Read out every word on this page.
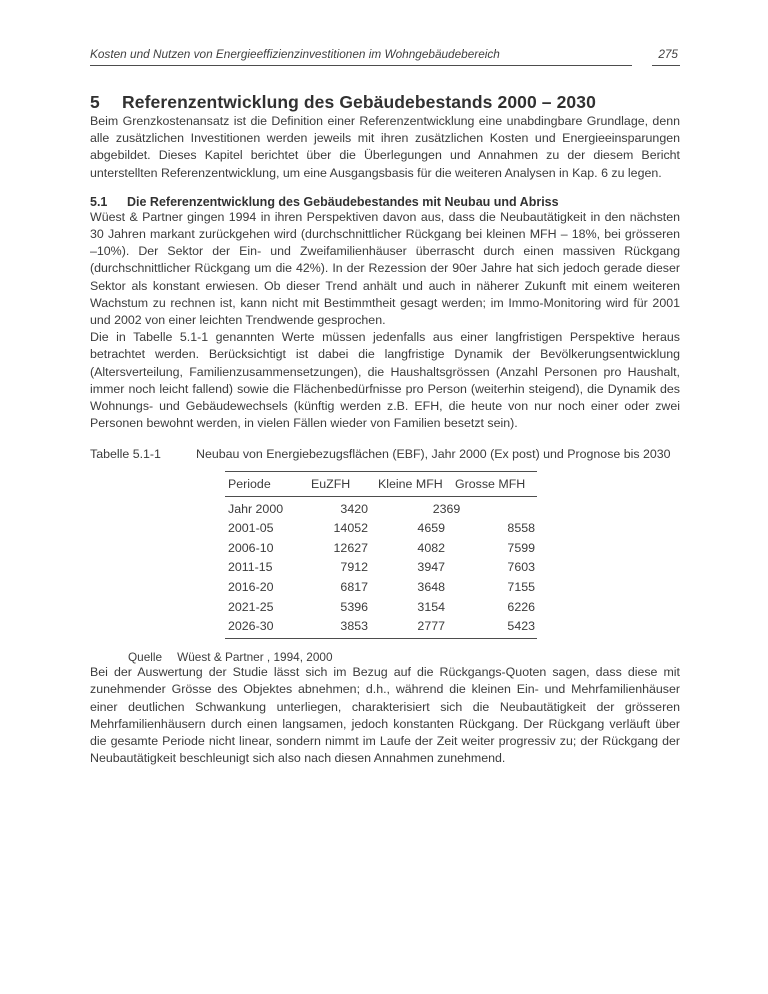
Kosten und Nutzen von Energieeffizienzinvestitionen im Wohngebäudebereich	275
5	Referenzentwicklung des Gebäudebestands 2000 – 2030

Beim Grenzkostenansatz ist die Definition einer Referenzentwicklung eine unabdingbare Grundlage, denn alle zusätzlichen Investitionen werden jeweils mit ihren zusätzlichen Kosten und Energieeinsparungen abgebildet. Dieses Kapitel berichtet über die Überlegungen und Annahmen zu der diesem Bericht unterstellten Referenzentwicklung, um eine Ausgangsbasis für die weiteren Analysen in Kap. 6 zu legen.

5.1	Die Referenzentwicklung des Gebäudebestandes mit Neubau und Abriss

Wüest & Partner gingen 1994 in ihren Perspektiven davon aus, dass die Neubautätigkeit in den nächsten 30 Jahren markant zurückgehen wird (durchschnittlicher Rückgang bei kleinen MFH – 18%, bei grösseren –10%). Der Sektor der Ein- und Zweifamilienhäuser überrascht durch einen massiven Rückgang (durchschnittlicher Rückgang um die 42%). In der Rezession der 90er Jahre hat sich jedoch gerade dieser Sektor als konstant erwiesen. Ob dieser Trend anhält und auch in näherer Zukunft mit einem weiteren Wachstum zu rechnen ist, kann nicht mit Bestimmtheit gesagt werden; im Immo-Monitoring wird für 2001 und 2002 von einer leichten Trendwende gesprochen.

Die in Tabelle 5.1-1 genannten Werte müssen jedenfalls aus einer langfristigen Perspektive heraus betrachtet werden. Berücksichtigt ist dabei die langfristige Dynamik der Bevölkerungsentwicklung (Altersverteilung, Familienzusammensetzungen), die Haushaltsgrössen (Anzahl Personen pro Haushalt, immer noch leicht fallend) sowie die Flächenbedürfnisse pro Person (weiterhin steigend), die Dynamik des Wohnungs- und Gebäudewechsels (künftig werden z.B. EFH, die heute von nur noch einer oder zwei Personen bewohnt werden, in vielen Fällen wieder von Familien besetzt sein).

Tabelle 5.1-1	Neubau von Energiebezugsflächen (EBF), Jahr 2000 (Ex post) und Prognose bis 2030
Periode	EuZFH	Kleine MFH	Grosse MFH
Jahr 2000	3420	2369	
2001-05	14052	4659	8558
2006-10	12627	4082	7599
2011-15	7912	3947	7603
2016-20	6817	3648	7155
2021-25	5396	3154	6226
2026-30	3853	2777	5423
Quelle Wüest & Partner , 1994, 2000

Bei der Auswertung der Studie lässt sich im Bezug auf die Rückgangs-Quoten sagen, dass diese mit zunehmender Grösse des Objektes abnehmen; d.h., während die kleinen Ein- und Mehrfamilienhäuser einer deutlichen Schwankung unterliegen, charakterisiert sich die Neubautätigkeit der grösseren Mehrfamilienhäusern durch einen langsamen, jedoch konstanten Rückgang. Der Rückgang verläuft über die gesamte Periode nicht linear, sondern nimmt im Laufe der Zeit weiter progressiv zu; der Rückgang der Neubautätigkeit beschleunigt sich also nach diesen Annahmen zunehmend.
